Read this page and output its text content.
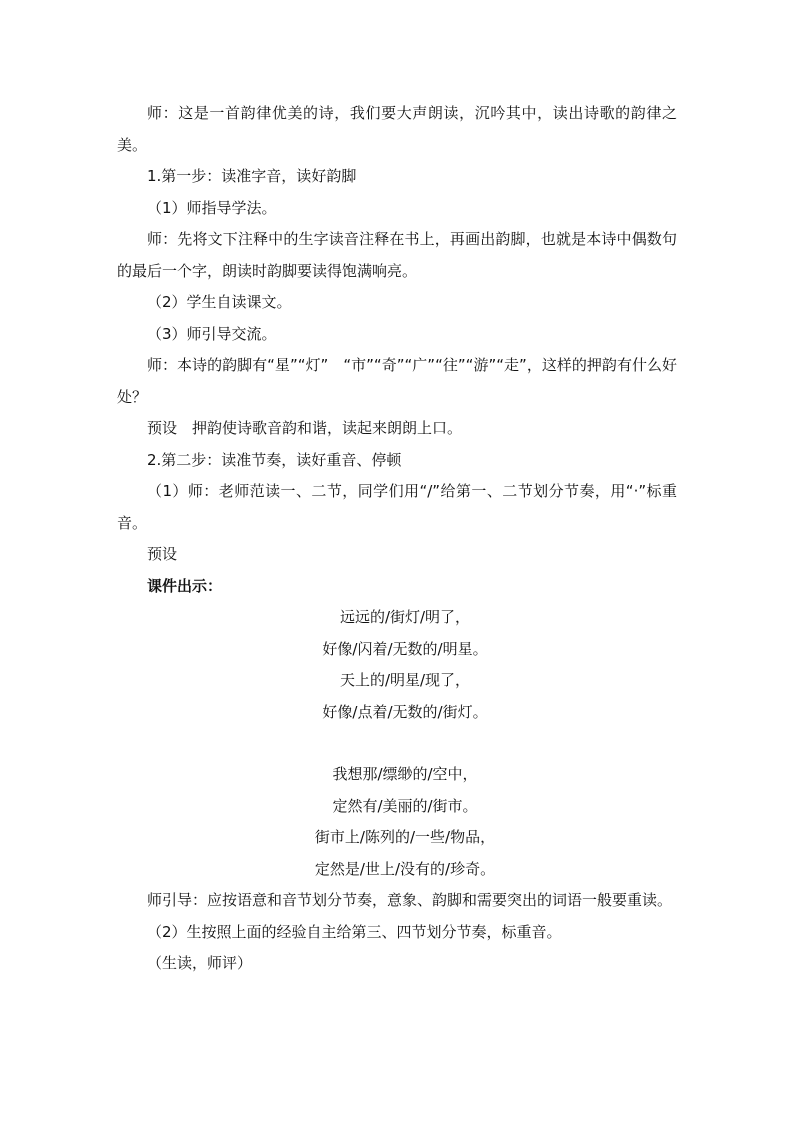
师：这是一首韵律优美的诗，我们要大声朗读，沉吟其中，读出诗歌的韵律之美。

1.第一步：读准字音，读好韵脚

（1）师指导学法。

师：先将文下注释中的生字读音注释在书上，再画出韵脚，也就是本诗中偶数句的最后一个字，朗读时韵脚要读得饱满响亮。

（2）学生自读课文。

（3）师引导交流。

师：本诗的韵脚有“星”“灯”　“市”“奇”“广”“往”“游”“走”，这样的押韵有什么好处？

预设　押韵使诗歌音韵和谐，读起来朗朗上口。

2.第二步：读准节奏，读好重音、停顿

（1）师：老师范读一、二节，同学们用“/”给第一、二节划分节奏，用“·”标重音。

预设

课件出示：

远远的/街灯/明了，

好像/闪着/无数的/明星。

天上的/明星/现了，

好像/点着/无数的/街灯。

我想那/缥缈的/空中，

定然有/美丽的/街市。

街市上/陈列的/一些/物品，

定然是/世上/没有的/珍奇。

师引导：应按语意和音节划分节奏，意象、韵脚和需要突出的词语一般要重读。

（2）生按照上面的经验自主给第三、四节划分节奏，标重音。

（生读，师评）
